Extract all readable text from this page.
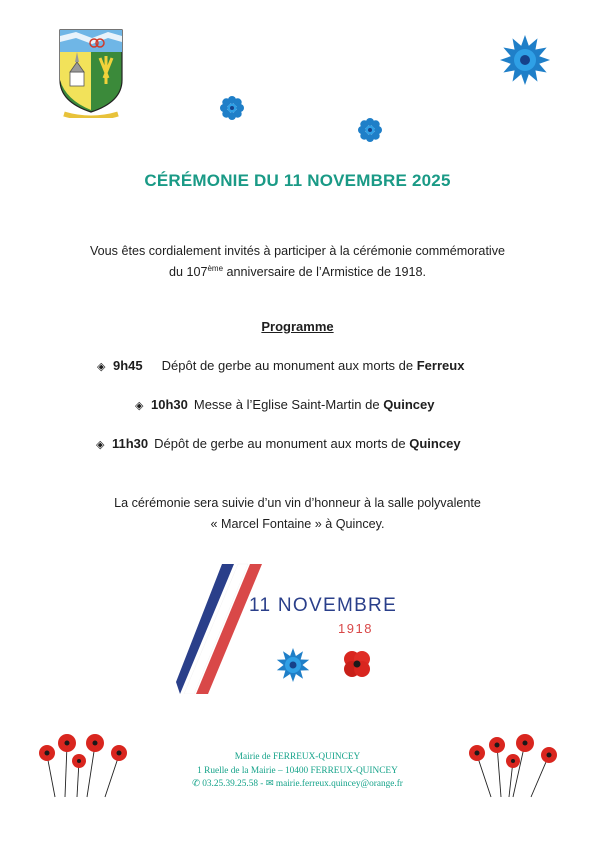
CÉRÉMONIE DU 11 NOVEMBRE 2025
Vous êtes cordialement invités à participer à la cérémonie commémorative
du 107ème anniversaire de l’Armistice de 1918.
Programme
◈ 9h45 Dépôt de gerbe au monument aux morts de Ferreux
◈ 10h30 Messe à l’Eglise Saint-Martin de Quincey
◈ 11h30 Dépôt de gerbe au monument aux morts de Quincey
La cérémonie sera suivie d’un vin d’honneur à la salle polyvalente
« Marcel Fontaine » à Quincey.
11 NOVEMBRE
1918
Mairie de FERREUX-QUINCEY
1 Ruelle de la Mairie – 10400 FERREUX-QUINCEY
✆ 03.25.39.25.58 - ✉ mairie.ferreux.quincey@orange.fr
